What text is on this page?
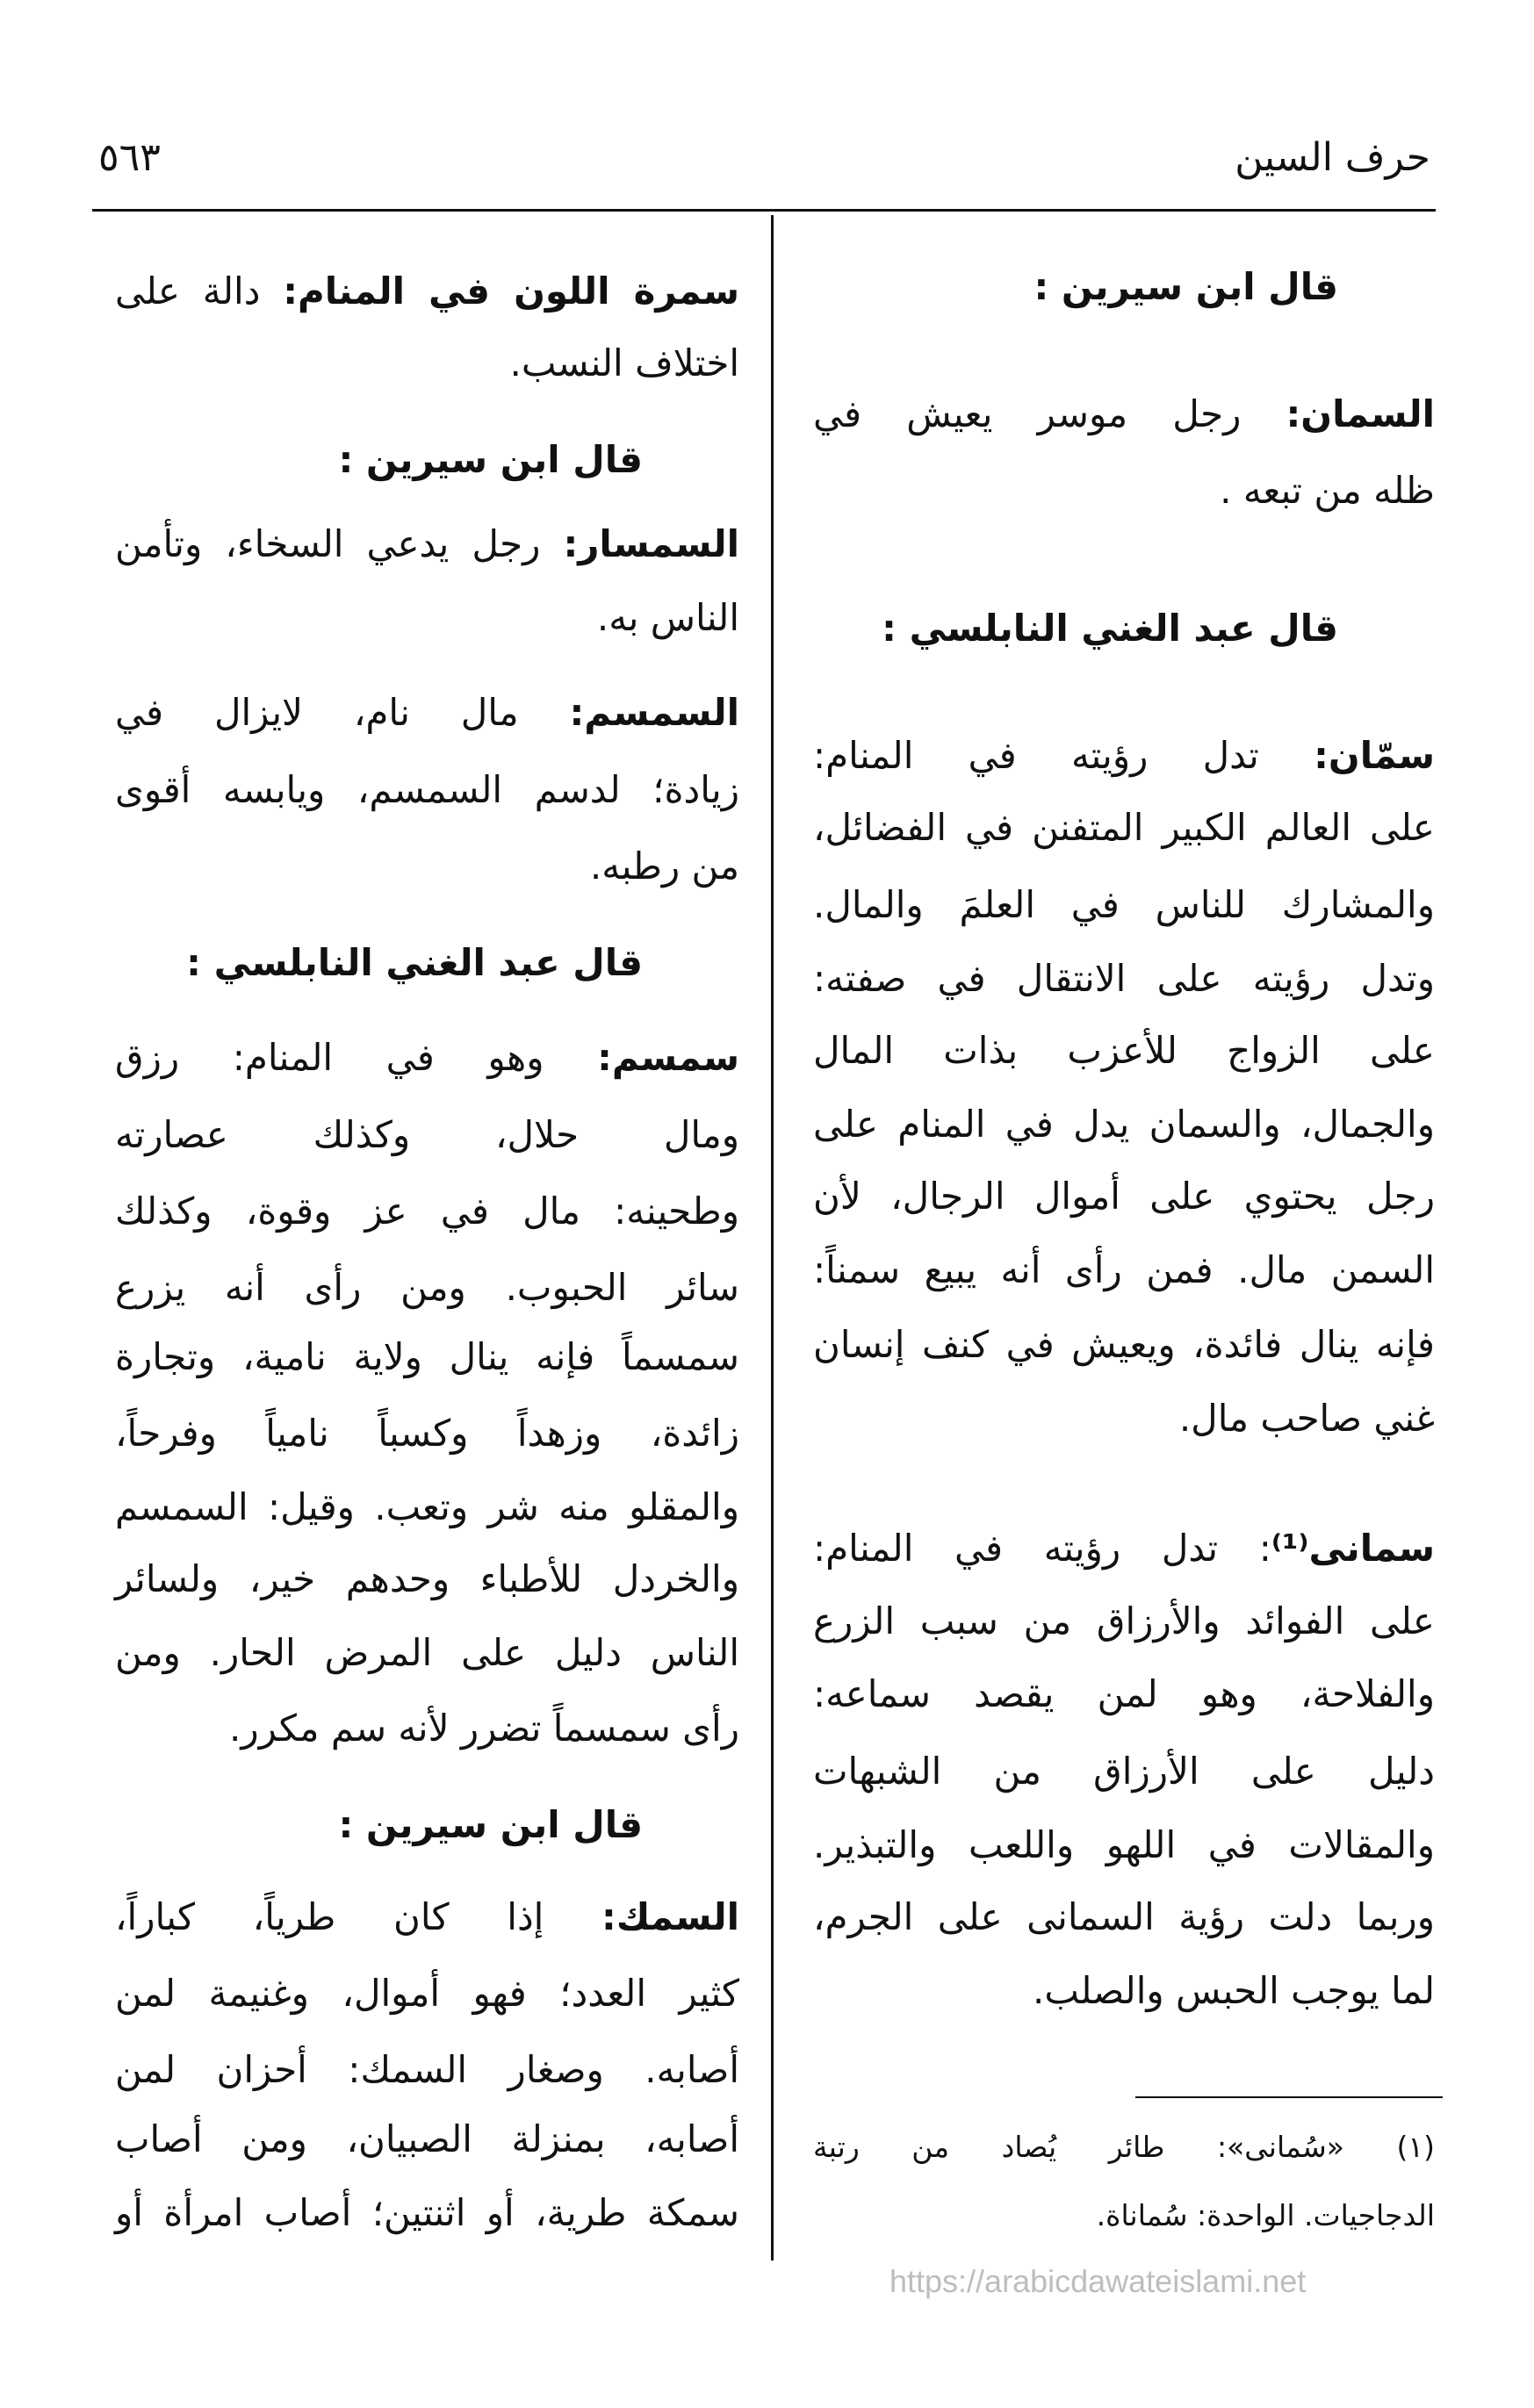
حرف السين
٥٦٣
قال ابن سيرين :
السمان: رجل موسر يعيش في
ظله من تبعه .
قال عبد الغني النابلسي :
سمّان: تدل رؤيته في المنام:
على العالم الكبير المتفنن في الفضائل،
والمشارك للناس في العلمَ والمال.
وتدل رؤيته على الانتقال في صفته:
على الزواج للأعزب بذات المال
والجمال، والسمان يدل في المنام على
رجل يحتوي على أموال الرجال، لأن
السمن مال. فمن رأى أنه يبيع سمناً:
فإنه ينال فائدة، ويعيش في كنف إنسان
غني صاحب مال.
سمانى⁽¹⁾: تدل رؤيته في المنام:
على الفوائد والأرزاق من سبب الزرع
والفلاحة، وهو لمن يقصد سماعه:
دليل على الأرزاق من الشبهات
والمقالات في اللهو واللعب والتبذير.
وربما دلت رؤية السمانى على الجرم،
لما يوجب الحبس والصلب.
(١) «سُمانى»: طائر يُصاد من رتبة
الدجاجيات. الواحدة: سُماناة.
سمرة اللون في المنام: دالة على
اختلاف النسب.
قال ابن سيرين :
السمسار: رجل يدعي السخاء، وتأمن
الناس به.
السمسم: مال نام، لايزال في
زيادة؛ لدسم السمسم، ويابسه أقوى
من رطبه.
قال عبد الغني النابلسي :
سمسم: وهو في المنام: رزق
ومال حلال، وكذلك عصارته
وطحينه: مال في عز وقوة، وكذلك
سائر الحبوب. ومن رأى أنه يزرع
سمسماً فإنه ينال ولاية نامية، وتجارة
زائدة، وزهداً وكسباً نامياً وفرحاً،
والمقلو منه شر وتعب. وقيل: السمسم
والخردل للأطباء وحدهم خير، ولسائر
الناس دليل على المرض الحار. ومن
رأى سمسماً تضرر لأنه سم مكرر.
قال ابن سيرين :
السمك: إذا كان طرياً، كباراً،
كثير العدد؛ فهو أموال، وغنيمة لمن
أصابه. وصغار السمك: أحزان لمن
أصابه، بمنزلة الصبيان، ومن أصاب
سمكة طرية، أو اثنتين؛ أصاب امرأة أو
https://arabicdawateislami.net
